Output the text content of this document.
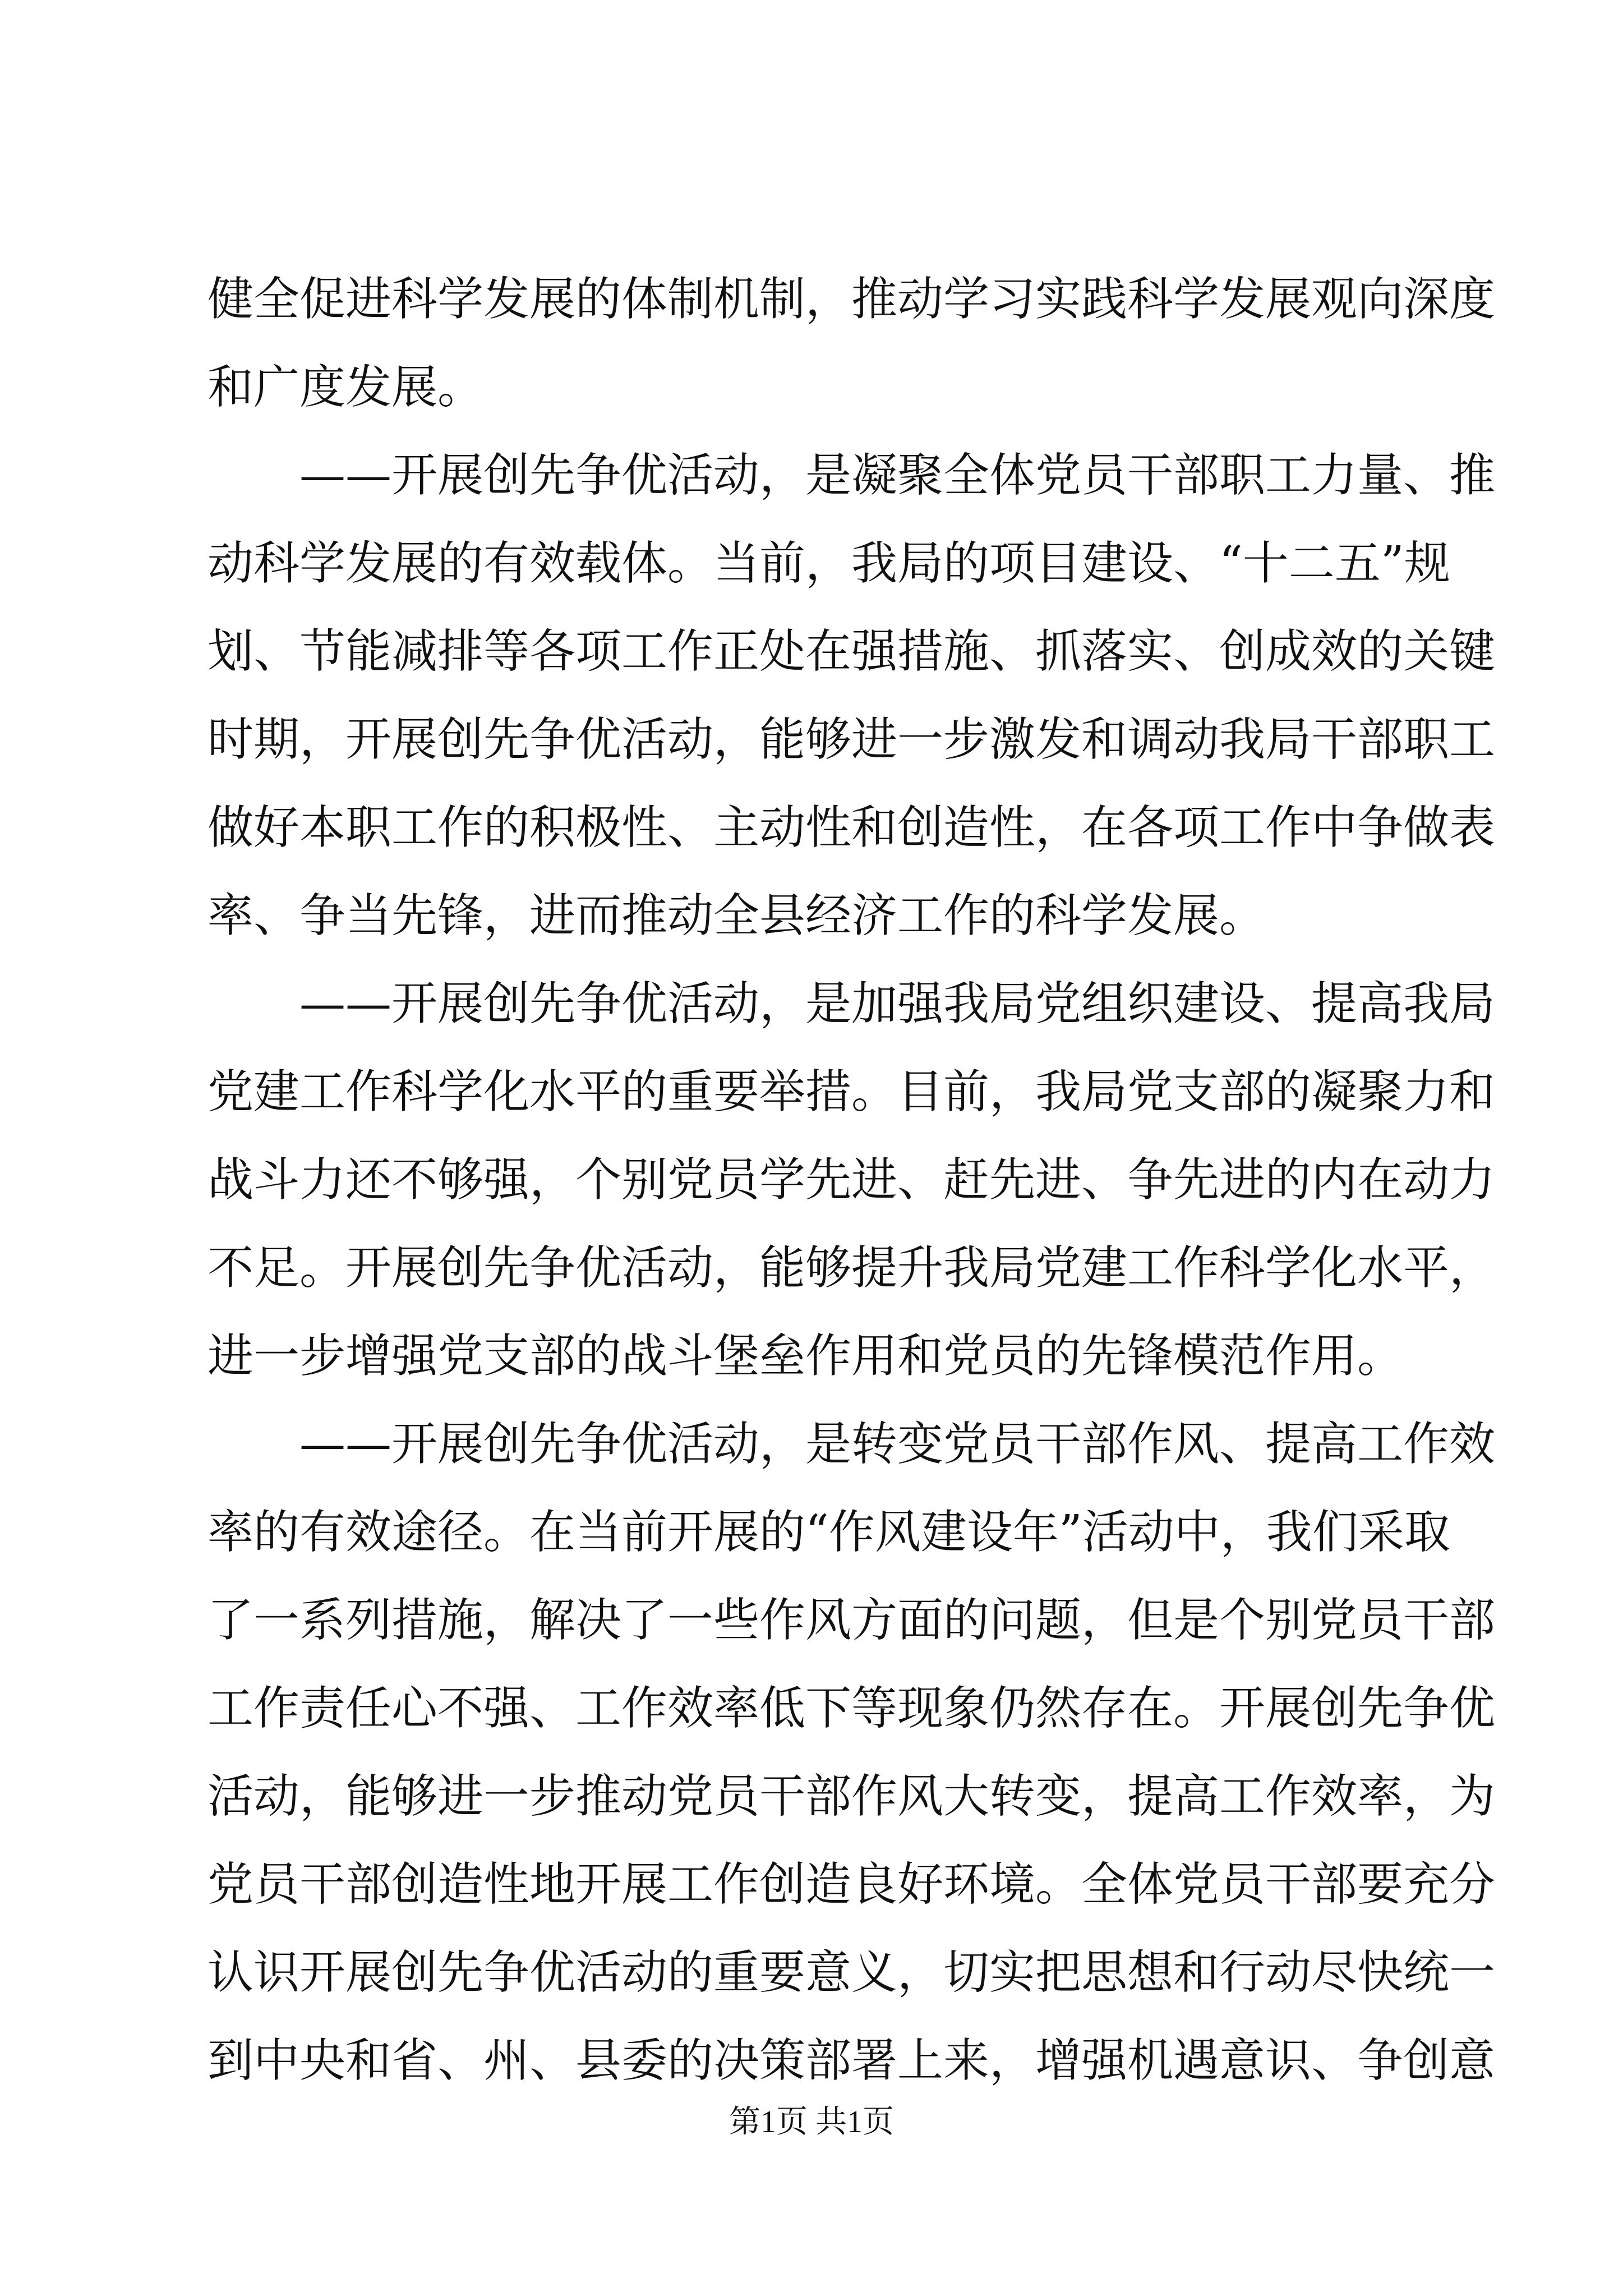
健全促进科学发展的体制机制，推动学习实践科学发展观向深度
和广度发展。
——开展创先争优活动，是凝聚全体党员干部职工力量、推
动科学发展的有效载体。当前，我局的项目建设、“十二五”规
划、节能减排等各项工作正处在强措施、抓落实、创成效的关键
时期，开展创先争优活动，能够进一步激发和调动我局干部职工
做好本职工作的积极性、主动性和创造性，在各项工作中争做表
率、争当先锋，进而推动全县经济工作的科学发展。
——开展创先争优活动，是加强我局党组织建设、提高我局
党建工作科学化水平的重要举措。目前，我局党支部的凝聚力和
战斗力还不够强，个别党员学先进、赶先进、争先进的内在动力
不足。开展创先争优活动，能够提升我局党建工作科学化水平，
进一步增强党支部的战斗堡垒作用和党员的先锋模范作用。
——开展创先争优活动，是转变党员干部作风、提高工作效
率的有效途径。在当前开展的“作风建设年”活动中，我们采取
了一系列措施，解决了一些作风方面的问题，但是个别党员干部
工作责任心不强、工作效率低下等现象仍然存在。开展创先争优
活动，能够进一步推动党员干部作风大转变，提高工作效率，为
党员干部创造性地开展工作创造良好环境。全体党员干部要充分
认识开展创先争优活动的重要意义，切实把思想和行动尽快统一
到中央和省、州、县委的决策部署上来，增强机遇意识、争创意
第1页 共1页
